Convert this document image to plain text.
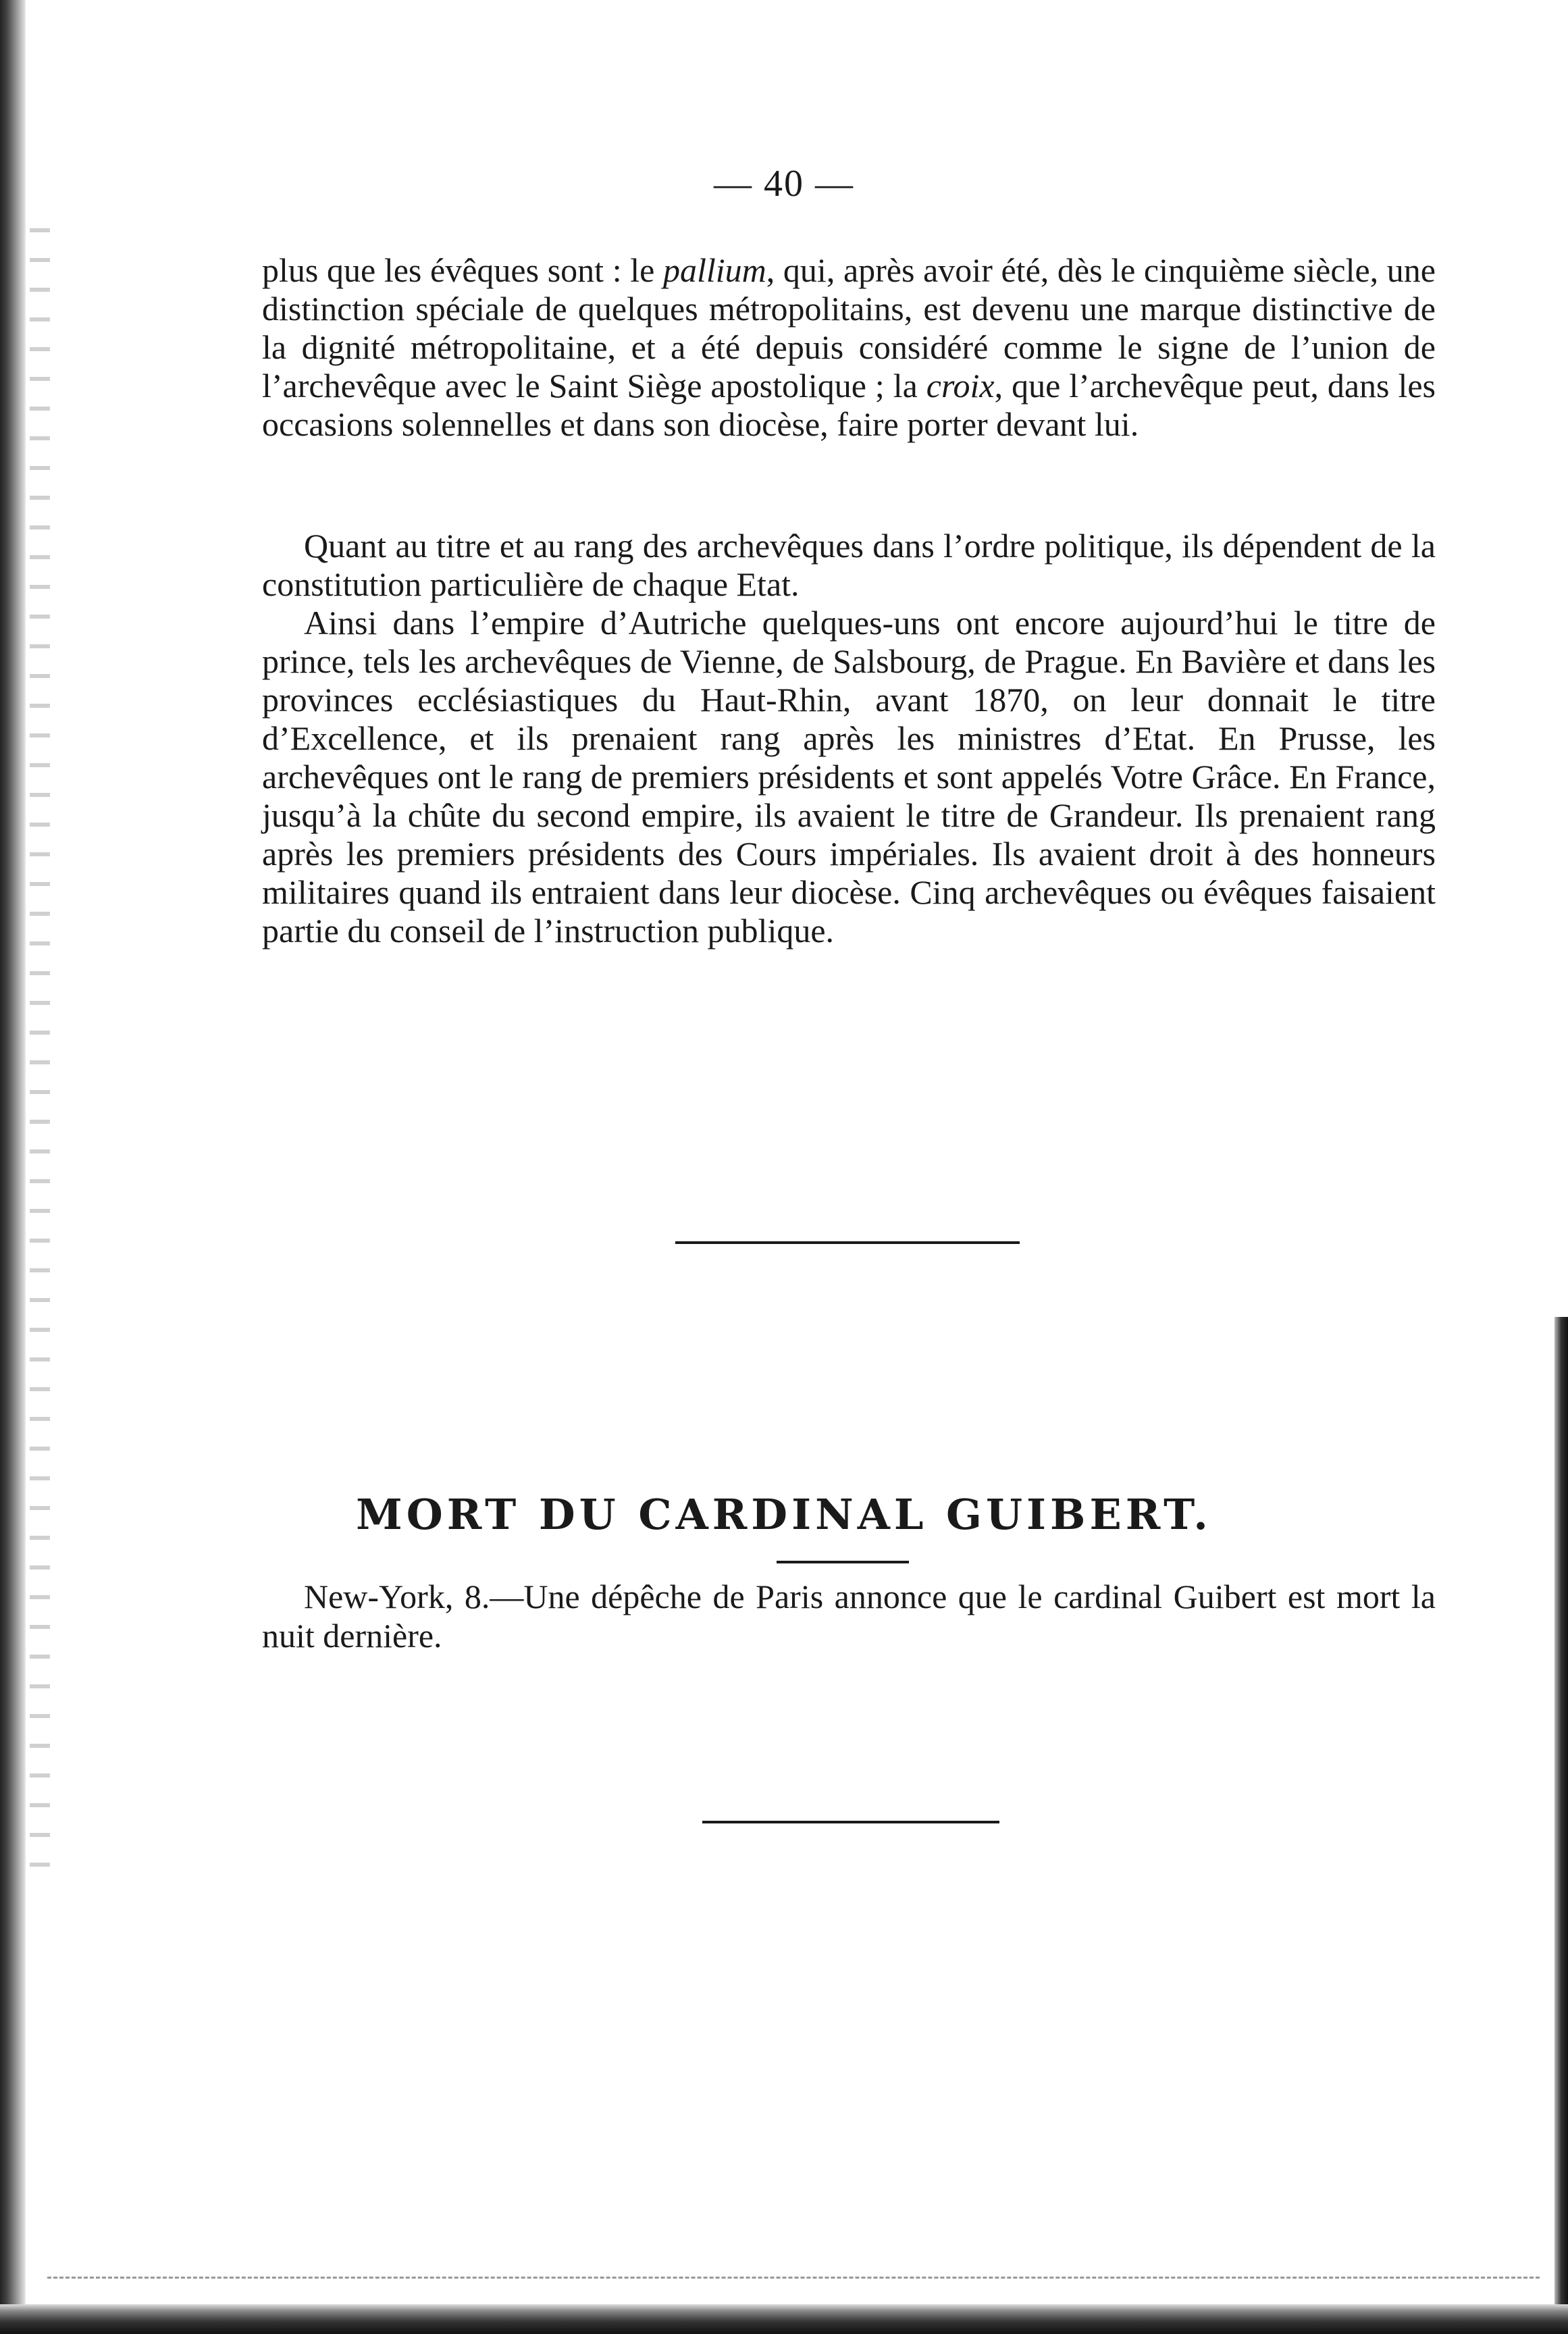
— 40 —

plus que les évêques sont : le pallium, qui, après avoir été, dès le cinquième siècle, une distinction spéciale de quelques métropolitains, est devenu une marque distinctive de la dignité métropolitaine, et a été depuis considéré comme le signe de l’union de l’archevêque avec le Saint Siège apostolique ; la croix, que l’archevêque peut, dans les occasions solennelles et dans son diocèse, faire porter devant lui.

Quant au titre et au rang des archevêques dans l’ordre politique, ils dépendent de la constitution particulière de chaque Etat.

Ainsi dans l’empire d’Autriche quelques-uns ont encore aujourd’hui le titre de prince, tels les archevêques de Vienne, de Salsbourg, de Prague. En Bavière et dans les provinces ecclésiastiques du Haut-Rhin, avant 1870, on leur donnait le titre d’Excellence, et ils prenaient rang après les ministres d’Etat. En Prusse, les archevêques ont le rang de premiers présidents et sont appelés Votre Grâce. En France, jusqu’à la chûte du second empire, ils avaient le titre de Grandeur. Ils prenaient rang après les premiers présidents des Cours impériales. Ils avaient droit à des honneurs militaires quand ils entraient dans leur diocèse. Cinq archevêques ou évêques faisaient partie du conseil de l’instruction publique.

MORT DU CARDINAL GUIBERT.

New-York, 8.—Une dépêche de Paris annonce que le cardinal Guibert est mort la nuit dernière.
